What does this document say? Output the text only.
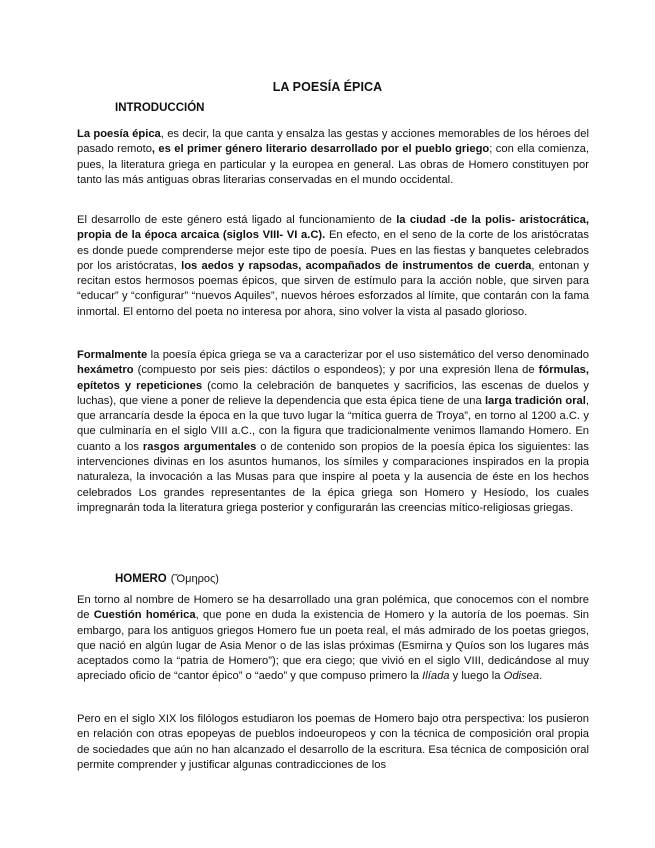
LA POESÍA ÉPICA
INTRODUCCIÓN

La poesía épica, es decir, la que canta y ensalza las gestas y acciones memorables de los héroes del pasado remoto, es el primer género literario desarrollado por el pueblo griego; con ella comienza, pues, la literatura griega en particular y la europea en general. Las obras de Homero constituyen por tanto las más antiguas obras literarias conservadas en el mundo occidental.

El desarrollo de este género está ligado al funcionamiento de la ciudad -de la polis- aristocrática, propia de la época arcaica (siglos VIII- VI a.C). En efecto, en el seno de la corte de los aristócratas es donde puede comprenderse mejor este tipo de poesía. Pues en las fiestas y banquetes celebrados por los aristócratas, los aedos y rapsodas, acompañados de instrumentos de cuerda, entonan y recitan estos hermosos poemas épicos, que sirven de estímulo para la acción noble, que sirven para “educar” y “configurar” “nuevos Aquiles”, nuevos héroes esforzados al límite, que contarán con la fama inmortal. El entorno del poeta no interesa por ahora, sino volver la vista al pasado glorioso.

Formalmente la poesía épica griega se va a caracterizar por el uso sistemático del verso denominado hexámetro (compuesto por seis pies: dáctilos o espondeos); y por una expresión llena de fórmulas, epítetos y repeticiones (como la celebración de banquetes y sacrificios, las escenas de duelos y luchas), que viene a poner de relieve la dependencia que esta épica tiene de una larga tradición oral, que arrancaría desde la época en la que tuvo lugar la “mítica guerra de Troya”, en torno al 1200 a.C. y que culminaría en el siglo VIII a.C., con la figura que tradicionalmente venimos llamando Homero. En cuanto a los rasgos argumentales o de contenido son propios de la poesía épica los siguientes: las intervenciones divinas en los asuntos humanos, los símiles y comparaciones inspirados en la propia naturaleza, la invocación a las Musas para que inspire al poeta y la ausencia de éste en los hechos celebrados Los grandes representantes de la épica griega son Homero y Hesíodo, los cuales impregnarán toda la literatura griega posterior y configurarán las creencias mítico-religiosas griegas.

HOMERO (Ὅμηρος)

En torno al nombre de Homero se ha desarrollado una gran polémica, que conocemos con el nombre de Cuestión homérica, que pone en duda la existencia de Homero y la autoría de los poemas. Sin embargo, para los antiguos griegos Homero fue un poeta real, el más admirado de los poetas griegos, que nació en algún lugar de Asia Menor o de las islas próximas (Esmirna y Quíos son los lugares más aceptados como la “patria de Homero”); que era ciego; que vivió en el siglo VIII, dedicándose al muy apreciado oficio de “cantor épico” o “aedo” y que compuso primero la Ilíada y luego la Odisea.

Pero en el siglo XIX los filólogos estudiaron los poemas de Homero bajo otra perspectiva: los pusieron en relación con otras epopeyas de pueblos indoeuropeos y con la técnica de composición oral propia de sociedades que aún no han alcanzado el desarrollo de la escritura. Esa técnica de composición oral permite comprender y justificar algunas contradicciones de los
